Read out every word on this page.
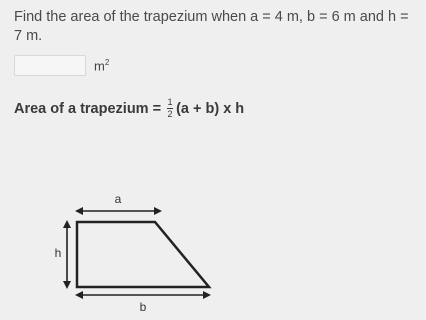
Find the area of the trapezium when a = 4 m, b = 6 m and h = 7 m.
$m^2$
Area of a trapezium = $\frac{1}{2} (a + b)$ x h
a
h
b
